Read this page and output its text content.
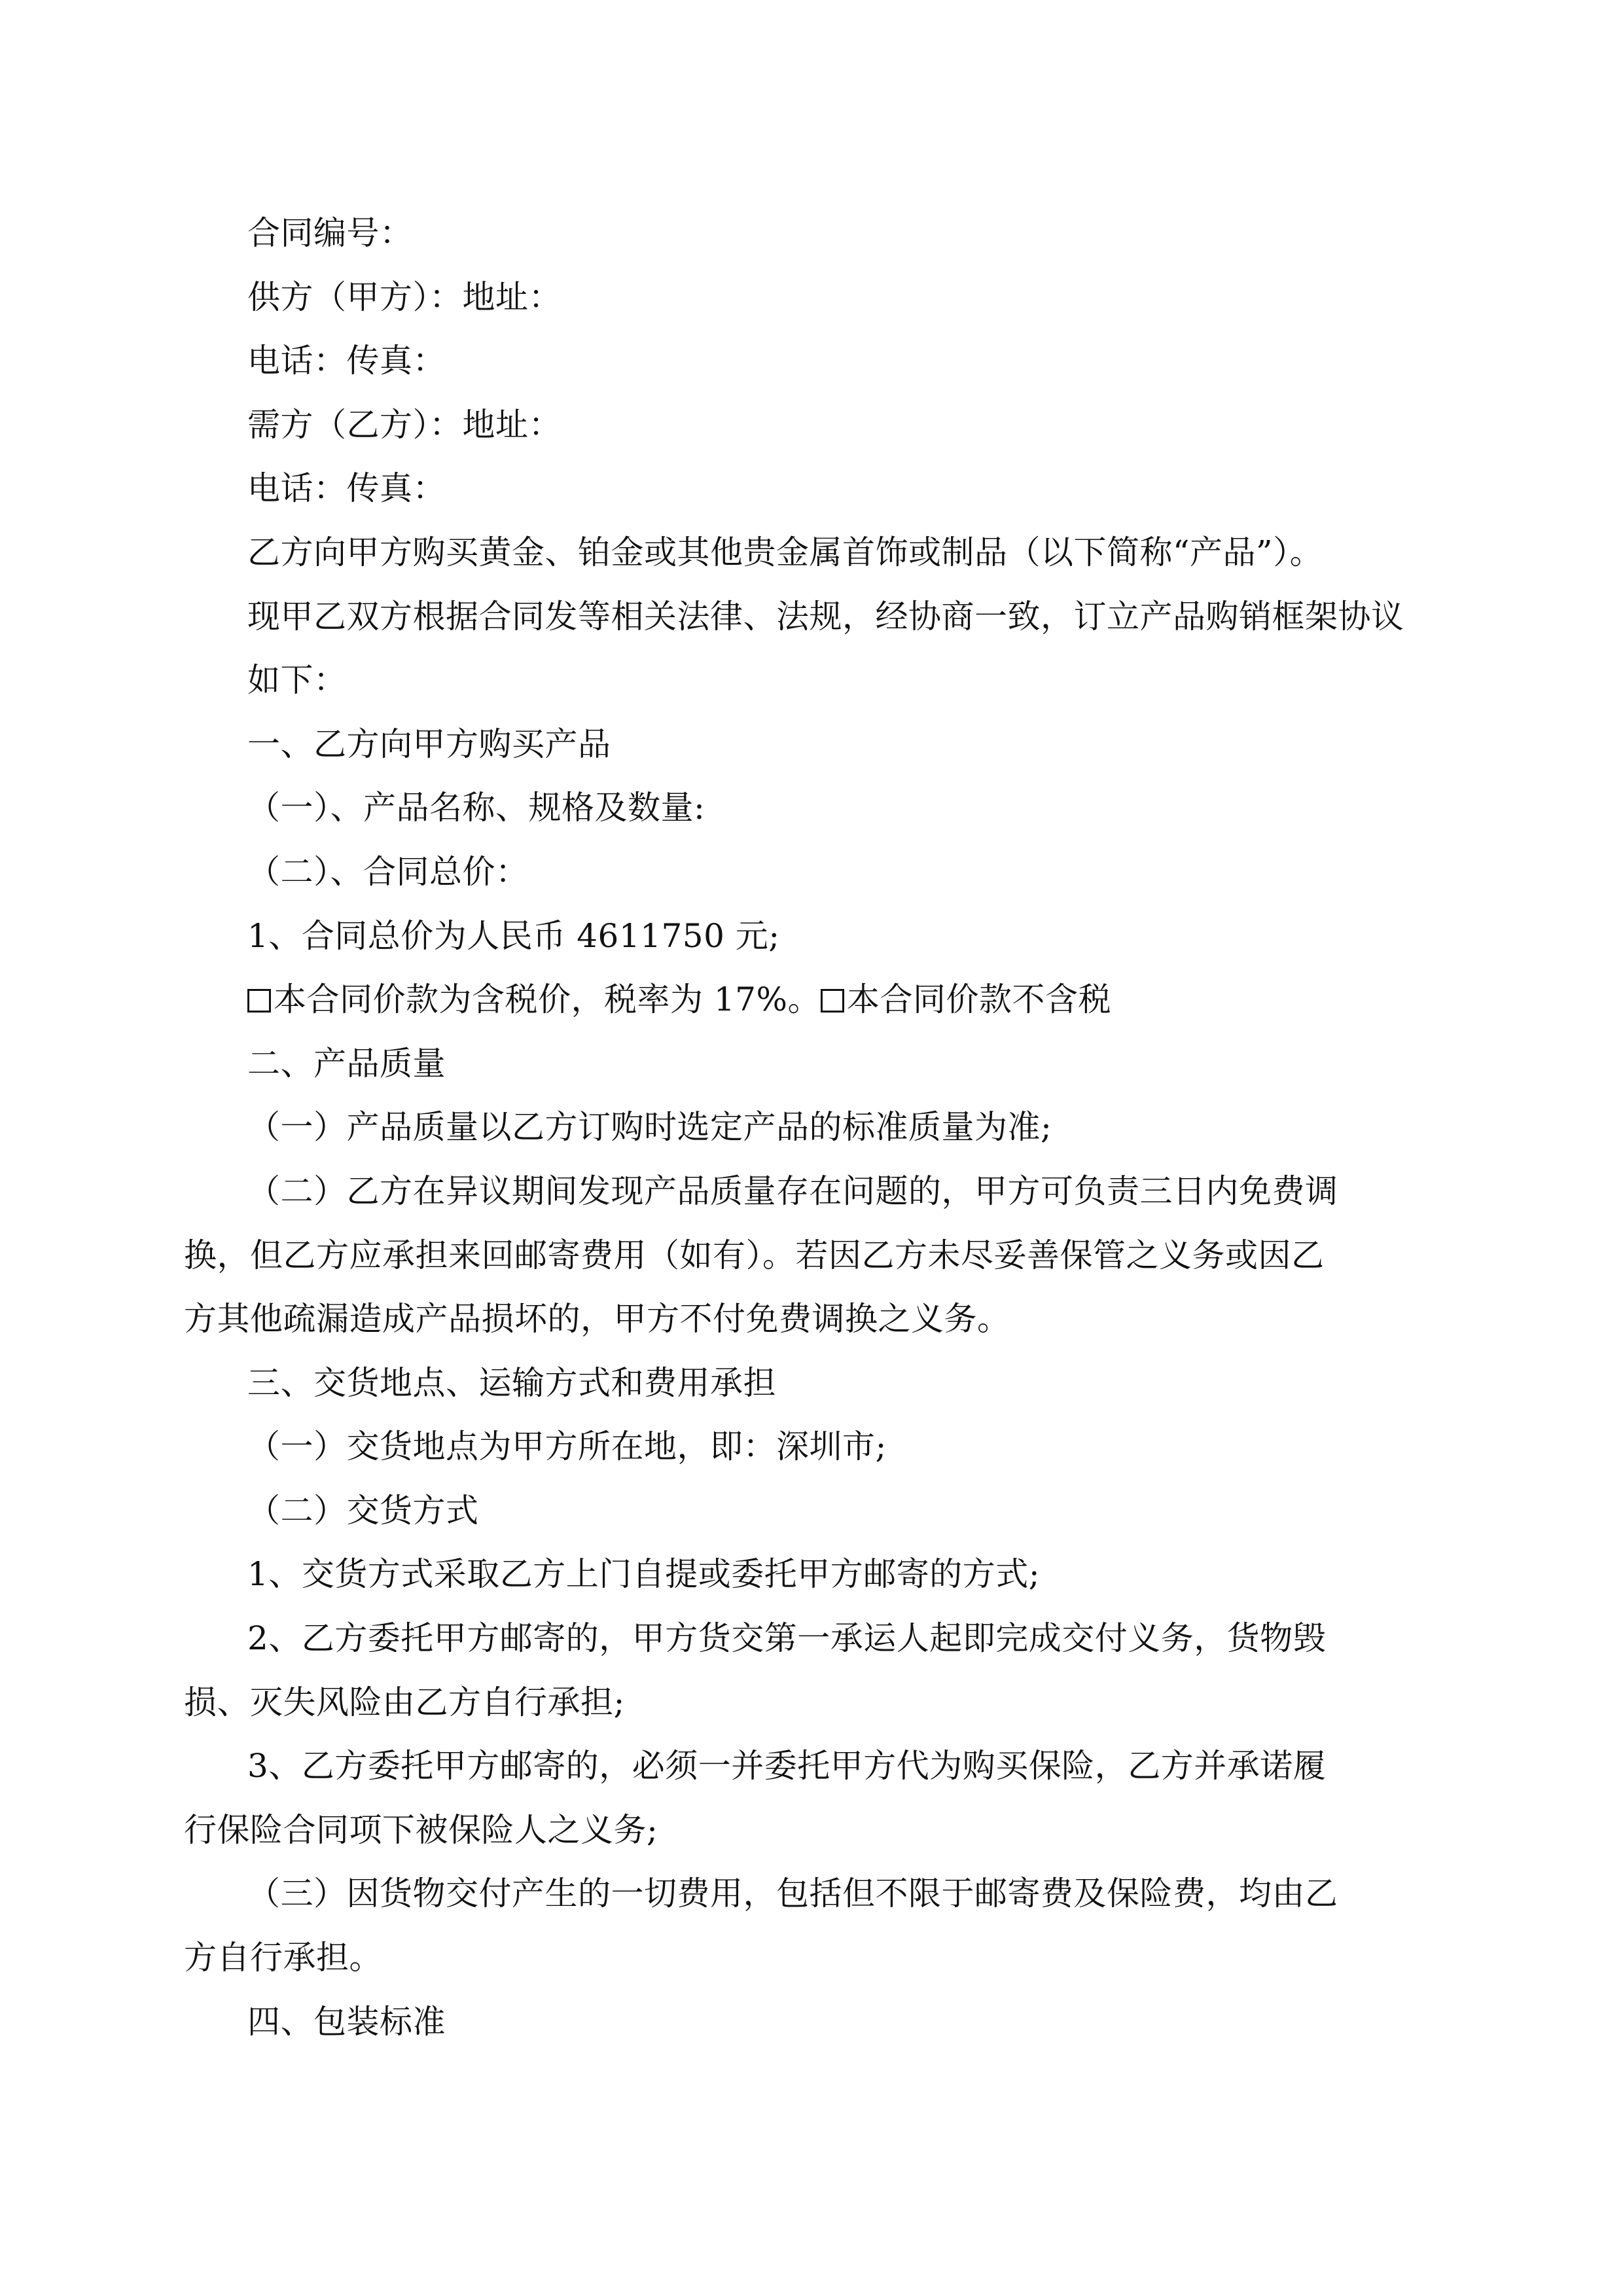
合同编号：
供方（甲方）：地址：
电话：传真：
需方（乙方）：地址：
电话：传真：
乙方向甲方购买黄金、铂金或其他贵金属首饰或制品（以下简称“产品”）。
现甲乙双方根据合同发等相关法律、法规，经协商一致，订立产品购销框架协议
如下：
一、乙方向甲方购买产品
（一）、产品名称、规格及数量:
（二）、合同总价：
1、合同总价为人民币 4611750 元;
本合同价款为含税价，税率为 17%。 本合同价款不含税
二、产品质量
（一）产品质量以乙方订购时选定产品的标准质量为准;
（二）乙方在异议期间发现产品质量存在问题的，甲方可负责三日内免费调
换，但乙方应承担来回邮寄费用（如有）。若因乙方未尽妥善保管之义务或因乙
方其他疏漏造成产品损坏的，甲方不付免费调换之义务。
三、交货地点、运输方式和费用承担
（一）交货地点为甲方所在地，即：深圳市;
（二）交货方式
1、交货方式采取乙方上门自提或委托甲方邮寄的方式;
2、乙方委托甲方邮寄的，甲方货交第一承运人起即完成交付义务，货物毁
损、灭失风险由乙方自行承担;
3、乙方委托甲方邮寄的，必须一并委托甲方代为购买保险，乙方并承诺履
行保险合同项下被保险人之义务;
（三）因货物交付产生的一切费用，包括但不限于邮寄费及保险费，均由乙
方自行承担。
四、包装标准
